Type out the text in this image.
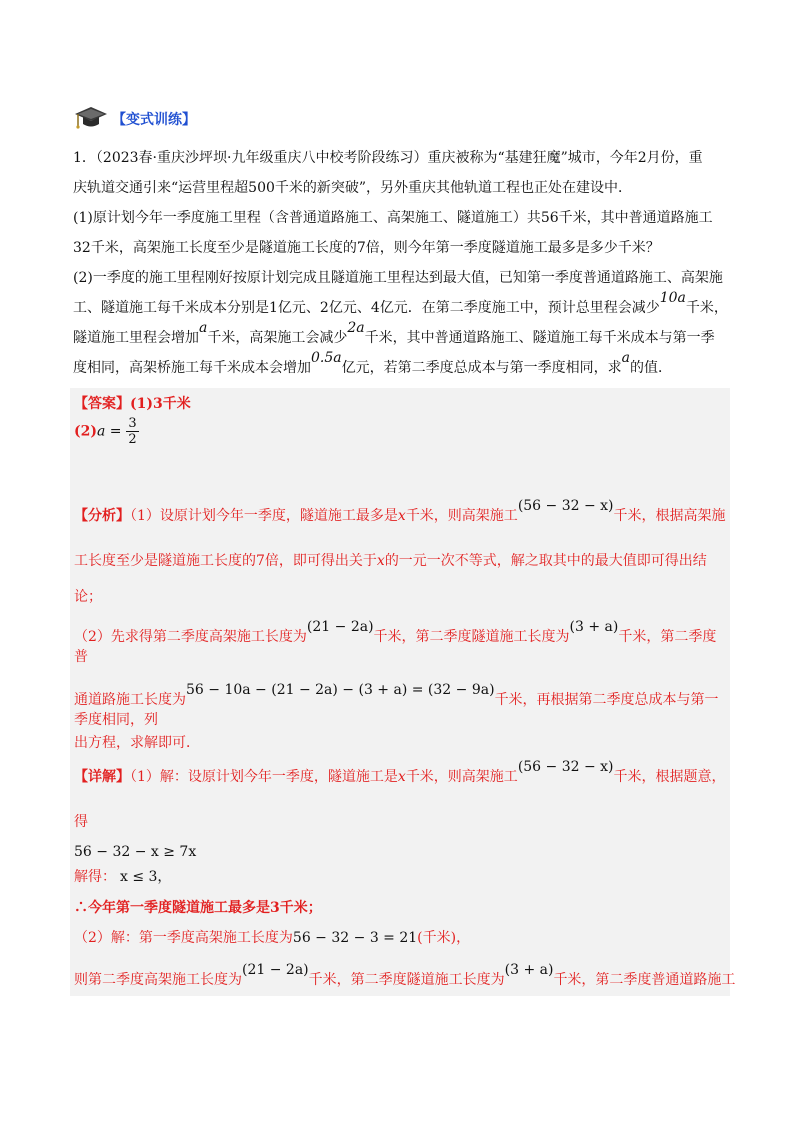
【变式训练】

1．（2023春·重庆沙坪坝·九年级重庆八中校考阶段练习）重庆被称为“基建狂魔”城市，今年2月份，重

庆轨道交通引来“运营里程超500千米的新突破”，另外重庆其他轨道工程也正处在建设中．

(1)原计划今年一季度施工里程（含普通道路施工、高架施工、隧道施工）共56千米，其中普通道路施工

32千米，高架施工长度至少是隧道施工长度的7倍，则今年第一季度隧道施工最多是多少千米？

(2)一季度的施工里程刚好按原计划完成且隧道施工里程达到最大值，已知第一季度普通道路施工、高架施

工、隧道施工每千米成本分别是1亿元、2亿元、4亿元．在第二季度施工中，预计总里程会减少10a千米，

隧道施工里程会增加a千米，高架施工会减少2a千米，其中普通道路施工、隧道施工每千米成本与第一季

度相同，高架桥施工每千米成本会增加0.5a亿元，若第二季度总成本与第一季度相同，求a的值．

【答案】(1)3千米

$(2)a = \frac{3}{2}$

【分析】（1）设原计划今年一季度，隧道施工最多是x千米，则高架施工(56 − 32 − x)千米，根据高架施

工长度至少是隧道施工长度的7倍，即可得出关于x的一元一次不等式，解之取其中的最大值即可得出结

论；

（2）先求得第二季度高架施工长度为(21 − 2a)千米，第二季度隧道施工长度为(3 + a)千米，第二季度普

通道路施工长度为56 − 10a − (21 − 2a) − (3 + a) = (32 − 9a)千米，再根据第二季度总成本与第一季度相同，列

出方程，求解即可．

【详解】（1）解：设原计划今年一季度，隧道施工是x千米，则高架施工(56 − 32 − x)千米，根据题意，

得

56 − 32 − x ≥ 7x

解得： x ≤ 3，

∴今年第一季度隧道施工最多是3千米；

（2）解：第一季度高架施工长度为56 − 32 − 3 = 21(千米)，

则第二季度高架施工长度为(21 − 2a)千米，第二季度隧道施工长度为(3 + a)千米，第二季度普通道路施工
